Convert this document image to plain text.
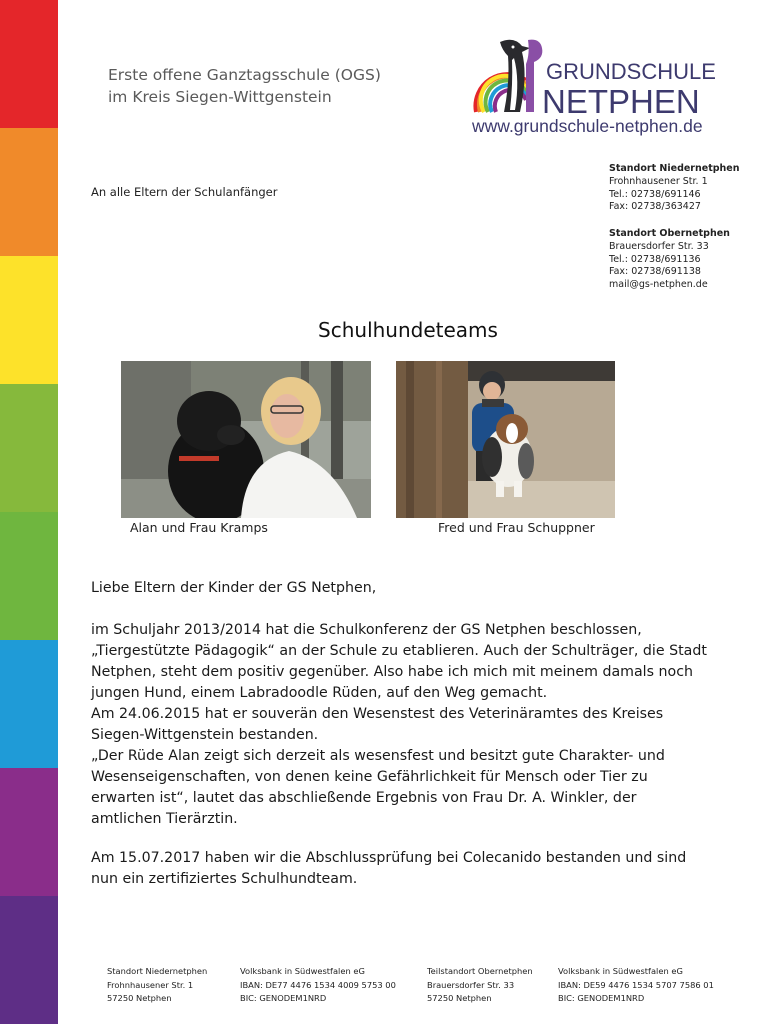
Erste offene Ganztagsschule (OGS)
im Kreis Siegen-Wittgenstein
GRUNDSCHULE
NETPHEN
www.grundschule-netphen.de
An alle Eltern der Schulanfänger
Standort Niedernetphen
Frohnhausener Str. 1
Tel.: 02738/691146
Fax: 02738/363427
Standort Obernetphen
Brauersdorfer Str. 33
Tel.: 02738/691136
Fax: 02738/691138
mail@gs-netphen.de
Schulhundeteams
Alan und Frau Kramps	Fred und Frau Schuppner
Liebe Eltern der Kinder der GS Netphen,
im Schuljahr 2013/2014 hat die Schulkonferenz der GS Netphen beschlossen,
„Tiergestützte Pädagogik“ an der Schule zu etablieren. Auch der Schulträger, die Stadt
Netphen, steht dem positiv gegenüber. Also habe ich mich mit meinem damals noch
jungen Hund, einem Labradoodle Rüden, auf den Weg gemacht.
Am 24.06.2015 hat er souverän den Wesenstest des Veterinäramtes des Kreises
Siegen-Wittgenstein bestanden.
„Der Rüde Alan zeigt sich derzeit als wesensfest und besitzt gute Charakter- und
Wesenseigenschaften, von denen keine Gefährlichkeit für Mensch oder Tier zu
erwarten ist“, lautet das abschließende Ergebnis von Frau Dr. A. Winkler, der
amtlichen Tierärztin.
Am 15.07.2017 haben wir die Abschlussprüfung bei Colecanido bestanden und sind
nun ein zertifiziertes Schulhundteam.
Standort Niedernetphen
Frohnhausener Str. 1
57250 Netphen
Volksbank in Südwestfalen eG
IBAN: DE77 4476 1534 4009 5753 00
BIC: GENODEM1NRD
Teilstandort Obernetphen
Brauersdorfer Str. 33
57250 Netphen
Volksbank in Südwestfalen eG
IBAN: DE59 4476 1534 5707 7586 01
BIC: GENODEM1NRD
